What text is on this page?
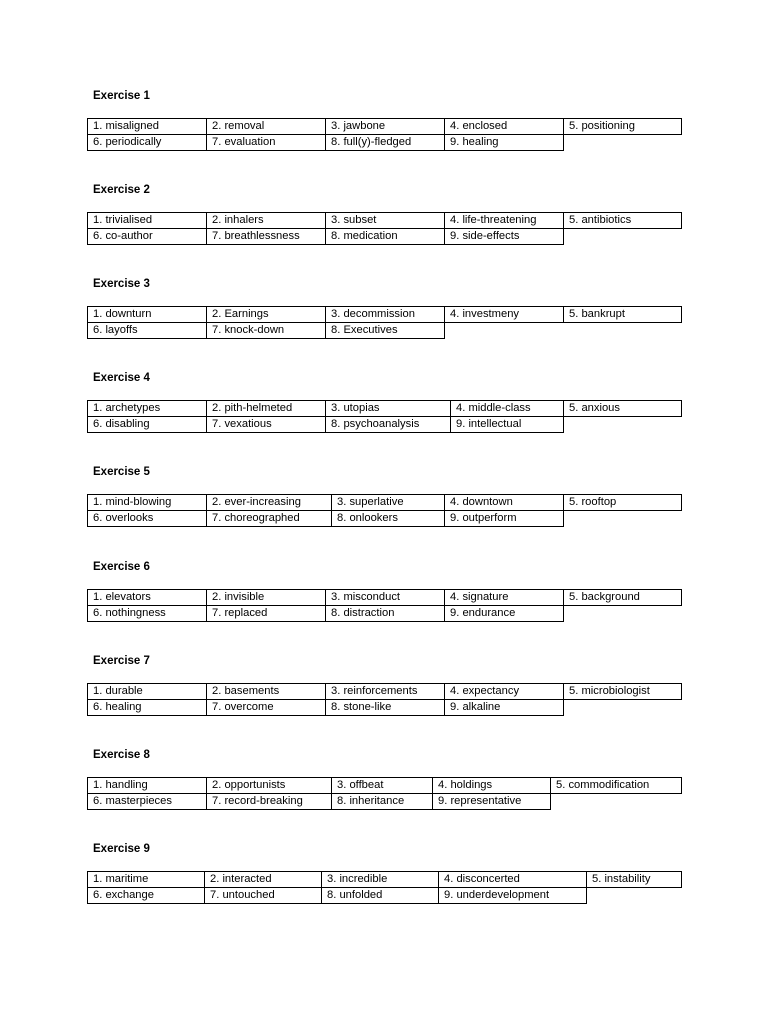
Exercise 1
1. misaligned	2. removal	3. jawbone	4. enclosed	5. positioning
6. periodically	7. evaluation	8. full(y)-fledged	9. healing
Exercise 2
1. trivialised	2. inhalers	3. subset	4. life-threatening	5. antibiotics
6. co-author	7. breathlessness	8. medication	9. side-effects
Exercise 3
1. downturn	2. Earnings	3. decommission	4. investmeny	5. bankrupt
6. layoffs	7. knock-down	8. Executives
Exercise 4
1. archetypes	2. pith-helmeted	3. utopias	4. middle-class	5. anxious
6. disabling	7. vexatious	8. psychoanalysis	9. intellectual
Exercise 5
1. mind-blowing	2. ever-increasing	3. superlative	4. downtown	5. rooftop
6. overlooks	7. choreographed	8. onlookers	9. outperform
Exercise 6
1. elevators	2. invisible	3. misconduct	4. signature	5. background
6. nothingness	7. replaced	8. distraction	9. endurance
Exercise 7
1. durable	2. basements	3. reinforcements	4. expectancy	5. microbiologist
6. healing	7. overcome	8. stone-like	9. alkaline
Exercise 8
1. handling	2. opportunists	3. offbeat	4. holdings	5. commodification
6. masterpieces	7. record-breaking	8. inheritance	9. representative
Exercise 9
1. maritime	2. interacted	3. incredible	4. disconcerted	5. instability
6. exchange	7. untouched	8. unfolded	9. underdevelopment
